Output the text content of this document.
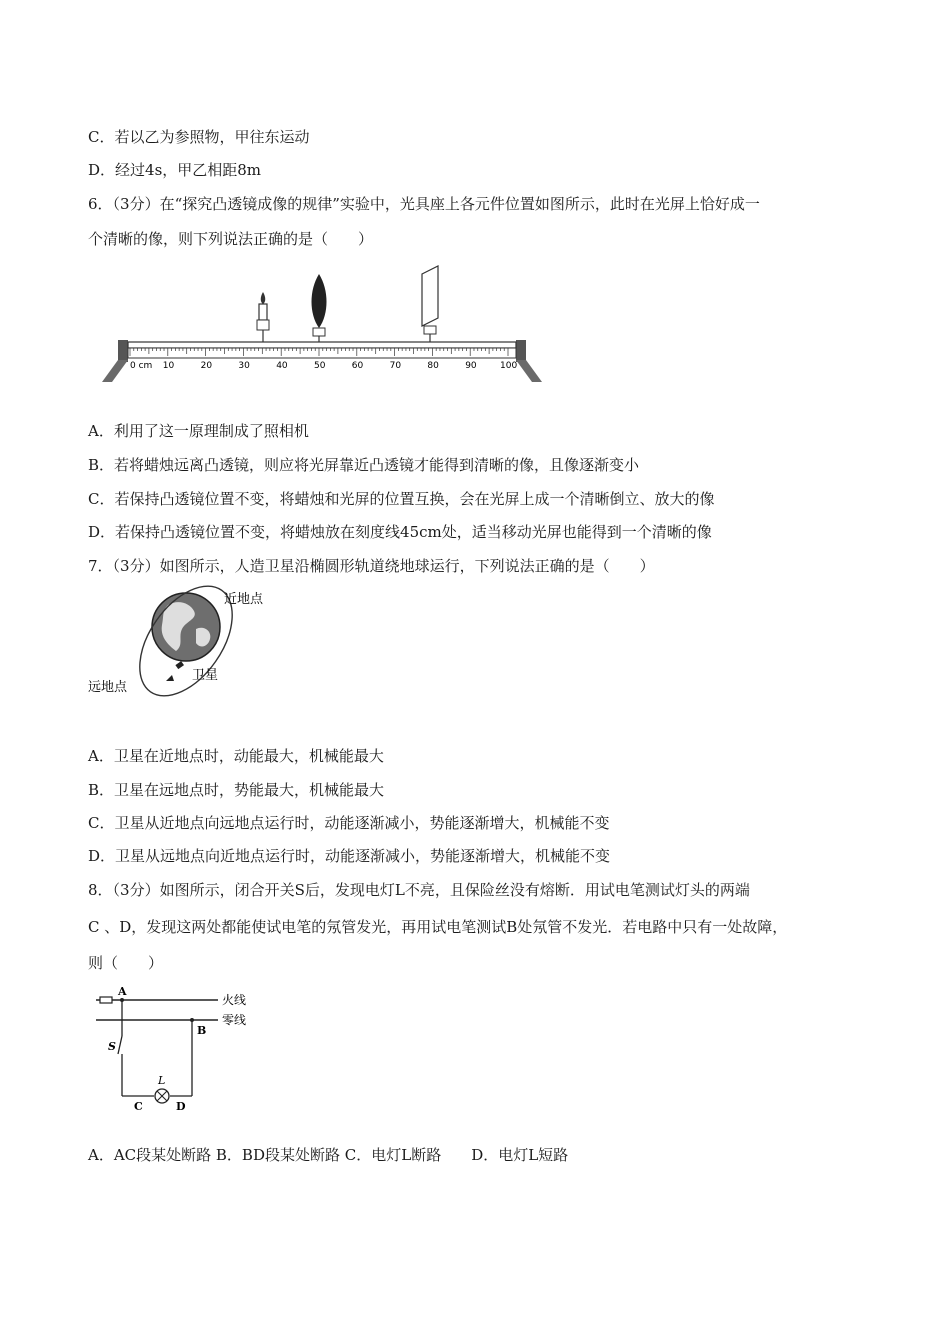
C．若以乙为参照物，甲往东运动
D．经过4s，甲乙相距8m
6．（3分）在“探究凸透镜成像的规律”实验中，光具座上各元件位置如图所示，此时在光屏上恰好成一
个清晰的像，则下列说法正确的是（　　）
10	20	30	40	50	60	70	80	90	100
0 cm
A．利用了这一原理制成了照相机
B．若将蜡烛远离凸透镜，则应将光屏靠近凸透镜才能得到清晰的像，且像逐渐变小
C．若保持凸透镜位置不变，将蜡烛和光屏的位置互换，会在光屏上成一个清晰倒立、放大的像
D．若保持凸透镜位置不变，将蜡烛放在刻度线45cm处，适当移动光屏也能得到一个清晰的像
7．（3分）如图所示，人造卫星沿椭圆形轨道绕地球运行，下列说法正确的是（　　）
近地点
远地点
卫星
A．卫星在近地点时，动能最大，机械能最大
B．卫星在远地点时，势能最大，机械能最大
C．卫星从近地点向远地点运行时，动能逐渐减小，势能逐渐增大，机械能不变
D．卫星从远地点向近地点运行时，动能逐渐减小，势能逐渐增大，机械能不变
8．（3分）如图所示，闭合开关S后，发现电灯L不亮，且保险丝没有熔断．用试电笔测试灯头的两端
C 、D，发现这两处都能使试电笔的氖管发光，再用试电笔测试B处氖管不发光．若电路中只有一处故障，
则（　　）
A
B
C	D
S
L
火线
零线
A．AC段某处断路 B．BD段某处断路 C．电灯L断路　　D．电灯L短路
